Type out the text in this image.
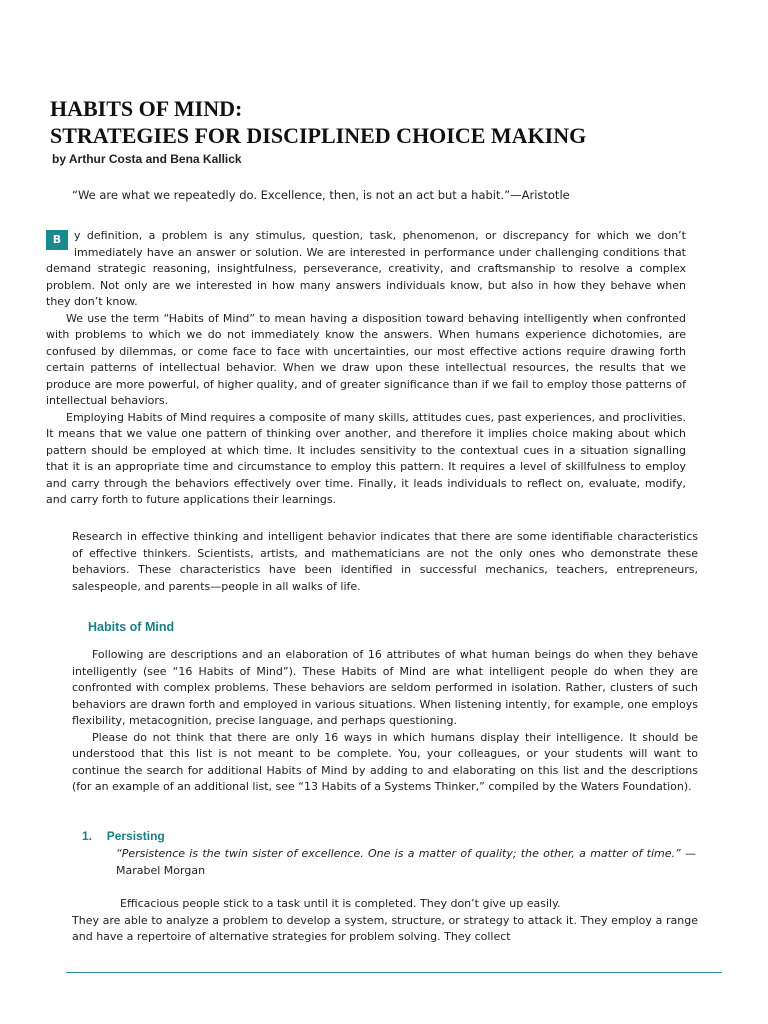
HABITS OF MIND:
STRATEGIES FOR DISCIPLINED CHOICE MAKING
by Arthur Costa and Bena Kallick
“We are what we repeatedly do. Excellence, then, is not an act but a habit.”—Aristotle

B	y definition, a problem is any stimulus, question, task, phenomenon, or discrepancy for which we don’t immediately have an answer or solution. We are interested in performance under challenging conditions that demand strategic reasoning, insightfulness, perseverance, creativity, and craftsmanship to resolve a complex problem. Not only are we interested in how many answers individuals know, but also in how they behave when they don’t know.

We use the term “Habits of Mind” to mean having a disposition toward behaving intelligently when confronted with problems to which we do not immediately know the answers. When humans experience dichotomies, are confused by dilemmas, or come face to face with uncertainties, our most effective actions require drawing forth certain patterns of intellectual behavior. When we draw upon these intellectual resources, the results that we produce are more powerful, of higher quality, and of greater significance than if we fail to employ those patterns of intellectual behaviors.

Employing Habits of Mind requires a composite of many skills, attitudes cues, past experiences, and proclivities. It means that we value one pattern of thinking over another, and therefore it implies choice making about which pattern should be employed at which time. It includes sensitivity to the contextual cues in a situation signalling that it is an appropriate time and circumstance to employ this pattern. It requires a level of skillfulness to employ and carry through the behaviors effectively over time. Finally, it leads individuals to reflect on, evaluate, modify, and carry forth to future applications their learnings.

Research in effective thinking and intelligent behavior indicates that there are some identifiable characteristics of effective thinkers. Scientists, artists, and mathematicians are not the only ones who demonstrate these behaviors. These characteristics have been identified in successful mechanics, teachers, entrepreneurs, salespeople, and parents—people in all walks of life.

Habits of Mind

Following are descriptions and an elaboration of 16 attributes of what human beings do when they behave intelligently (see “16 Habits of Mind”). These Habits of Mind are what intelligent people do when they are confronted with complex problems. These behaviors are seldom performed in isolation. Rather, clusters of such behaviors are drawn forth and employed in various situations. When listening intently, for example, one employs flexibility, metacognition, precise language, and perhaps questioning.

Please do not think that there are only 16 ways in which humans display their intelligence. It should be understood that this list is not meant to be complete. You, your colleagues, or your students will want to continue the search for additional Habits of Mind by adding to and elaborating on this list and the descriptions (for an example of an additional list, see “13 Habits of a Systems Thinker,” compiled by the Waters Foundation).

1. Persisting

“Persistence is the twin sister of excellence. One is a matter of quality; the other, a matter of time.” —Marabel Morgan

Efficacious people stick to a task until it is completed. They don’t give up easily.

They are able to analyze a problem to develop a system, structure, or strategy to attack it. They employ a range and have a repertoire of alternative strategies for problem solving. They collect
